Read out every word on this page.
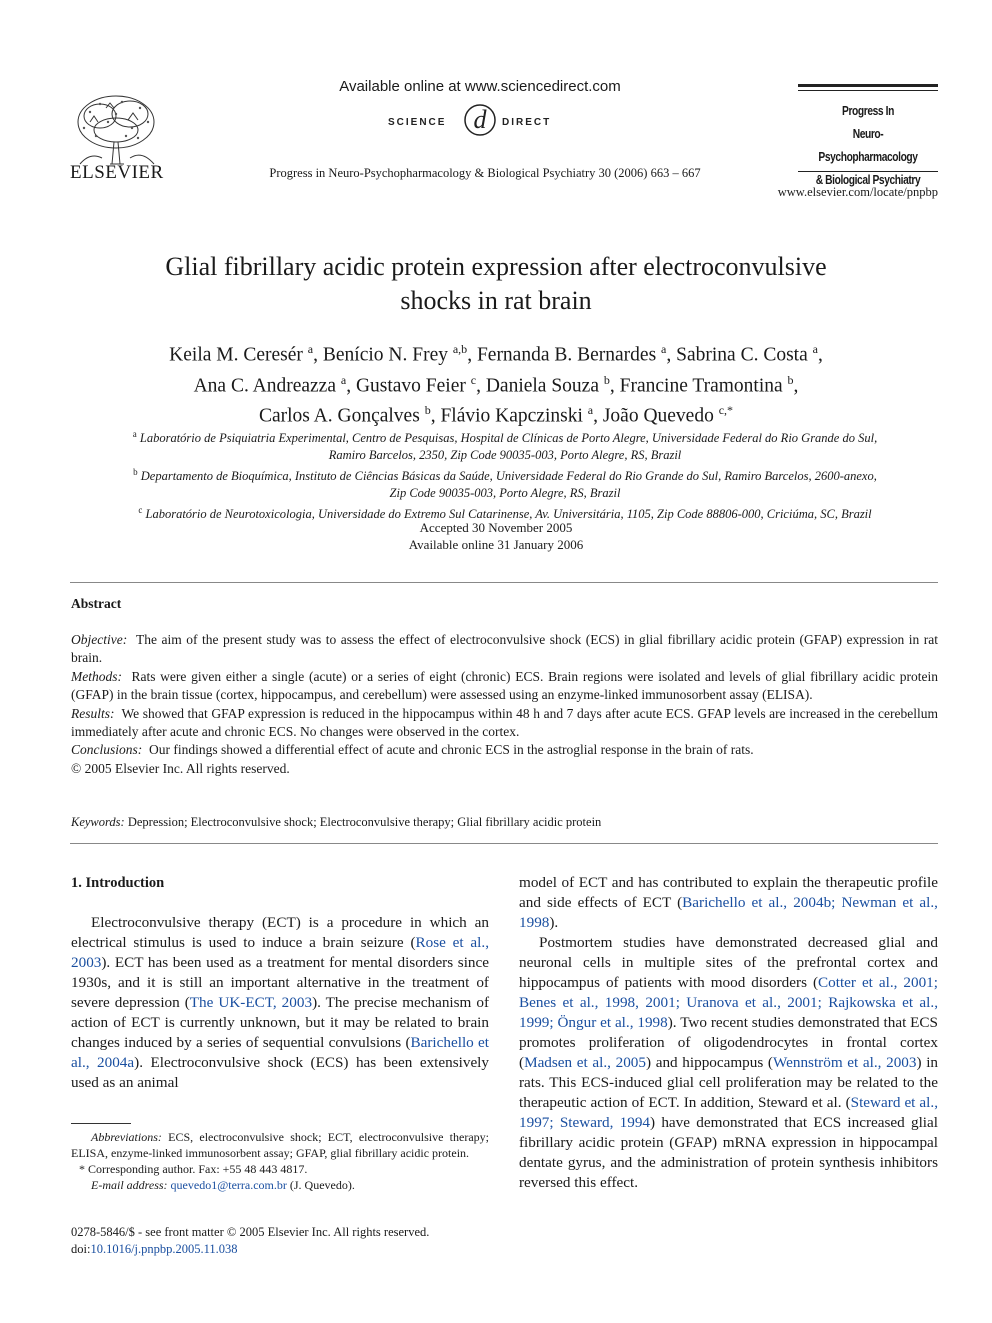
ELSEVIER
Available online at www.sciencedirect.com
SCIENCE d DIRECT
Progress in Neuro-Psychopharmacology & Biological Psychiatry 30 (2006) 663 – 667
Progress In
Neuro-Psychopharmacology
& Biological Psychiatry
www.elsevier.com/locate/pnpbp
Glial fibrillary acidic protein expression after electroconvulsive
shocks in rat brain
Keila M. Ceresér $^a$, Benício N. Frey $^{a,b}$, Fernanda B. Bernardes $^a$, Sabrina C. Costa $^a$,
Ana C. Andreazza $^a$, Gustavo Feier $^c$, Daniela Souza $^b$, Francine Tramontina $^b$,
Carlos A. Gonçalves $^b$, Flávio Kapczinski $^a$, João Quevedo $^{c,*}$
$^a$ Laboratório de Psiquiatria Experimental, Centro de Pesquisas, Hospital de Clínicas de Porto Alegre, Universidade Federal do Rio Grande do Sul,
Ramiro Barcelos, 2350, Zip Code 90035-003, Porto Alegre, RS, Brazil
$^b$ Departamento de Bioquímica, Instituto de Ciências Básicas da Saúde, Universidade Federal do Rio Grande do Sul, Ramiro Barcelos, 2600-anexo,
Zip Code 90035-003, Porto Alegre, RS, Brazil
$^c$ Laboratório de Neurotoxicologia, Universidade do Extremo Sul Catarinense, Av. Universitária, 1105, Zip Code 88806-000, Criciúma, SC, Brazil
Accepted 30 November 2005
Available online 31 January 2006
Abstract

Objective: The aim of the present study was to assess the effect of electroconvulsive shock (ECS) in glial fibrillary acidic protein (GFAP) expression in rat brain.

Methods: Rats were given either a single (acute) or a series of eight (chronic) ECS. Brain regions were isolated and levels of glial fibrillary acidic protein (GFAP) in the brain tissue (cortex, hippocampus, and cerebellum) were assessed using an enzyme-linked immunosorbent assay (ELISA).

Results: We showed that GFAP expression is reduced in the hippocampus within 48 h and 7 days after acute ECS. GFAP levels are increased in the cerebellum immediately after acute and chronic ECS. No changes were observed in the cortex.

Conclusions: Our findings showed a differential effect of acute and chronic ECS in the astroglial response in the brain of rats.

© 2005 Elsevier Inc. All rights reserved.

Keywords: Depression; Electroconvulsive shock; Electroconvulsive therapy; Glial fibrillary acidic protein

1. Introduction

Electroconvulsive therapy (ECT) is a procedure in which an electrical stimulus is used to induce a brain seizure (Rose et al., 2003). ECT has been used as a treatment for mental disorders since 1930s, and it is still an important alternative in the treatment of severe depression (The UK-ECT, 2003). The precise mechanism of action of ECT is currently unknown, but it may be related to brain changes induced by a series of sequential convulsions (Barichello et al., 2004a). Electroconvulsive shock (ECS) has been extensively used as an animal

model of ECT and has contributed to explain the therapeutic profile and side effects of ECT (Barichello et al., 2004b; Newman et al., 1998).

Postmortem studies have demonstrated decreased glial and neuronal cells in multiple sites of the prefrontal cortex and hippocampus of patients with mood disorders (Cotter et al., 2001; Benes et al., 1998, 2001; Uranova et al., 2001; Rajkowska et al., 1999; Öngur et al., 1998). Two recent studies demonstrated that ECS promotes proliferation of oligodendrocytes in frontal cortex (Madsen et al., 2005) and hippocampus (Wennström et al., 2003) in rats. This ECS-induced glial cell proliferation may be related to the therapeutic action of ECT. In addition, Steward et al. (Steward et al., 1997; Steward, 1994) have demonstrated that ECS increased glial fibrillary acidic protein (GFAP) mRNA expression in hippocampal dentate gyrus, and the administration of protein synthesis inhibitors reversed this effect.

Abbreviations: ECS, electroconvulsive shock; ECT, electroconvulsive therapy; ELISA, enzyme-linked immunosorbent assay; GFAP, glial fibrillary acidic protein.

* Corresponding author. Fax: +55 48 443 4817.

E-mail address: quevedo1@terra.com.br (J. Quevedo).

0278-5846/$ - see front matter © 2005 Elsevier Inc. All rights reserved.
doi:10.1016/j.pnpbp.2005.11.038
